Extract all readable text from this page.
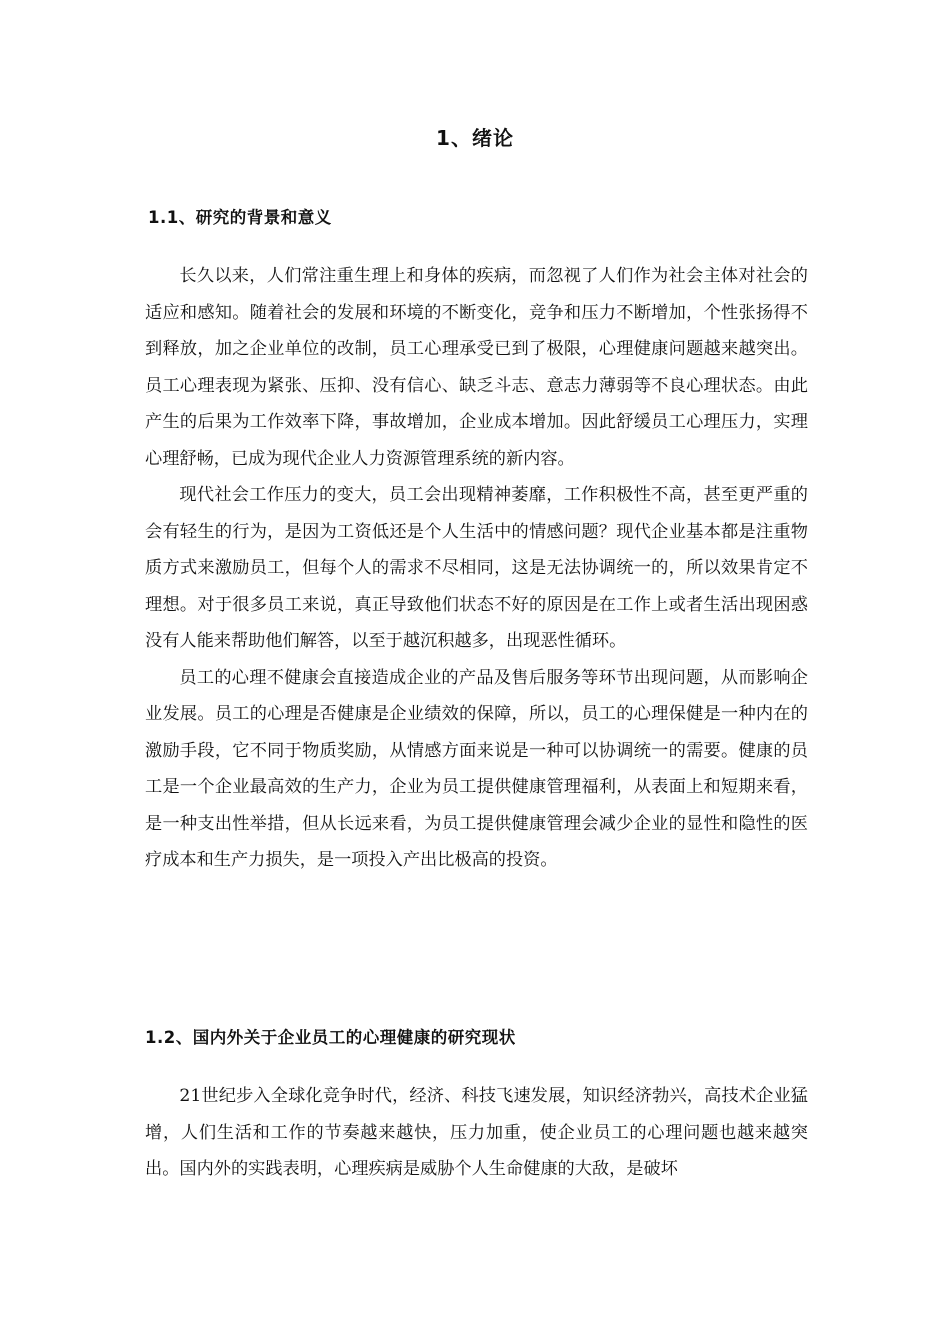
1、绪论
1.1、研究的背景和意义

长久以来，人们常注重生理上和身体的疾病，而忽视了人们作为社会主体对社会的适应和感知。随着社会的发展和环境的不断变化，竞争和压力不断增加，个性张扬得不到释放，加之企业单位的改制，员工心理承受已到了极限，心理健康问题越来越突出。员工心理表现为紧张、压抑、没有信心、缺乏斗志、意志力薄弱等不良心理状态。由此产生的后果为工作效率下降，事故增加，企业成本增加。因此舒缓员工心理压力，实理心理舒畅，已成为现代企业人力资源管理系统的新内容。

现代社会工作压力的变大，员工会出现精神萎靡，工作积极性不高，甚至更严重的会有轻生的行为，是因为工资低还是个人生活中的情感问题？现代企业基本都是注重物质方式来激励员工，但每个人的需求不尽相同，这是无法协调统一的，所以效果肯定不理想。对于很多员工来说，真正导致他们状态不好的原因是在工作上或者生活出现困惑没有人能来帮助他们解答，以至于越沉积越多，出现恶性循环。

员工的心理不健康会直接造成企业的产品及售后服务等环节出现问题，从而影响企业发展。员工的心理是否健康是企业绩效的保障，所以，员工的心理保健是一种内在的激励手段，它不同于物质奖励，从情感方面来说是一种可以协调统一的需要。健康的员工是一个企业最高效的生产力，企业为员工提供健康管理福利，从表面上和短期来看，是一种支出性举措，但从长远来看，为员工提供健康管理会减少企业的显性和隐性的医疗成本和生产力损失，是一项投入产出比极高的投资。

1.2、国内外关于企业员工的心理健康的研究现状

21世纪步入全球化竞争时代，经济、科技飞速发展，知识经济勃兴，高技术企业猛增，人们生活和工作的节奏越来越快，压力加重，使企业员工的心理问题也越来越突出。国内外的实践表明，心理疾病是威胁个人生命健康的大敌，是破坏
